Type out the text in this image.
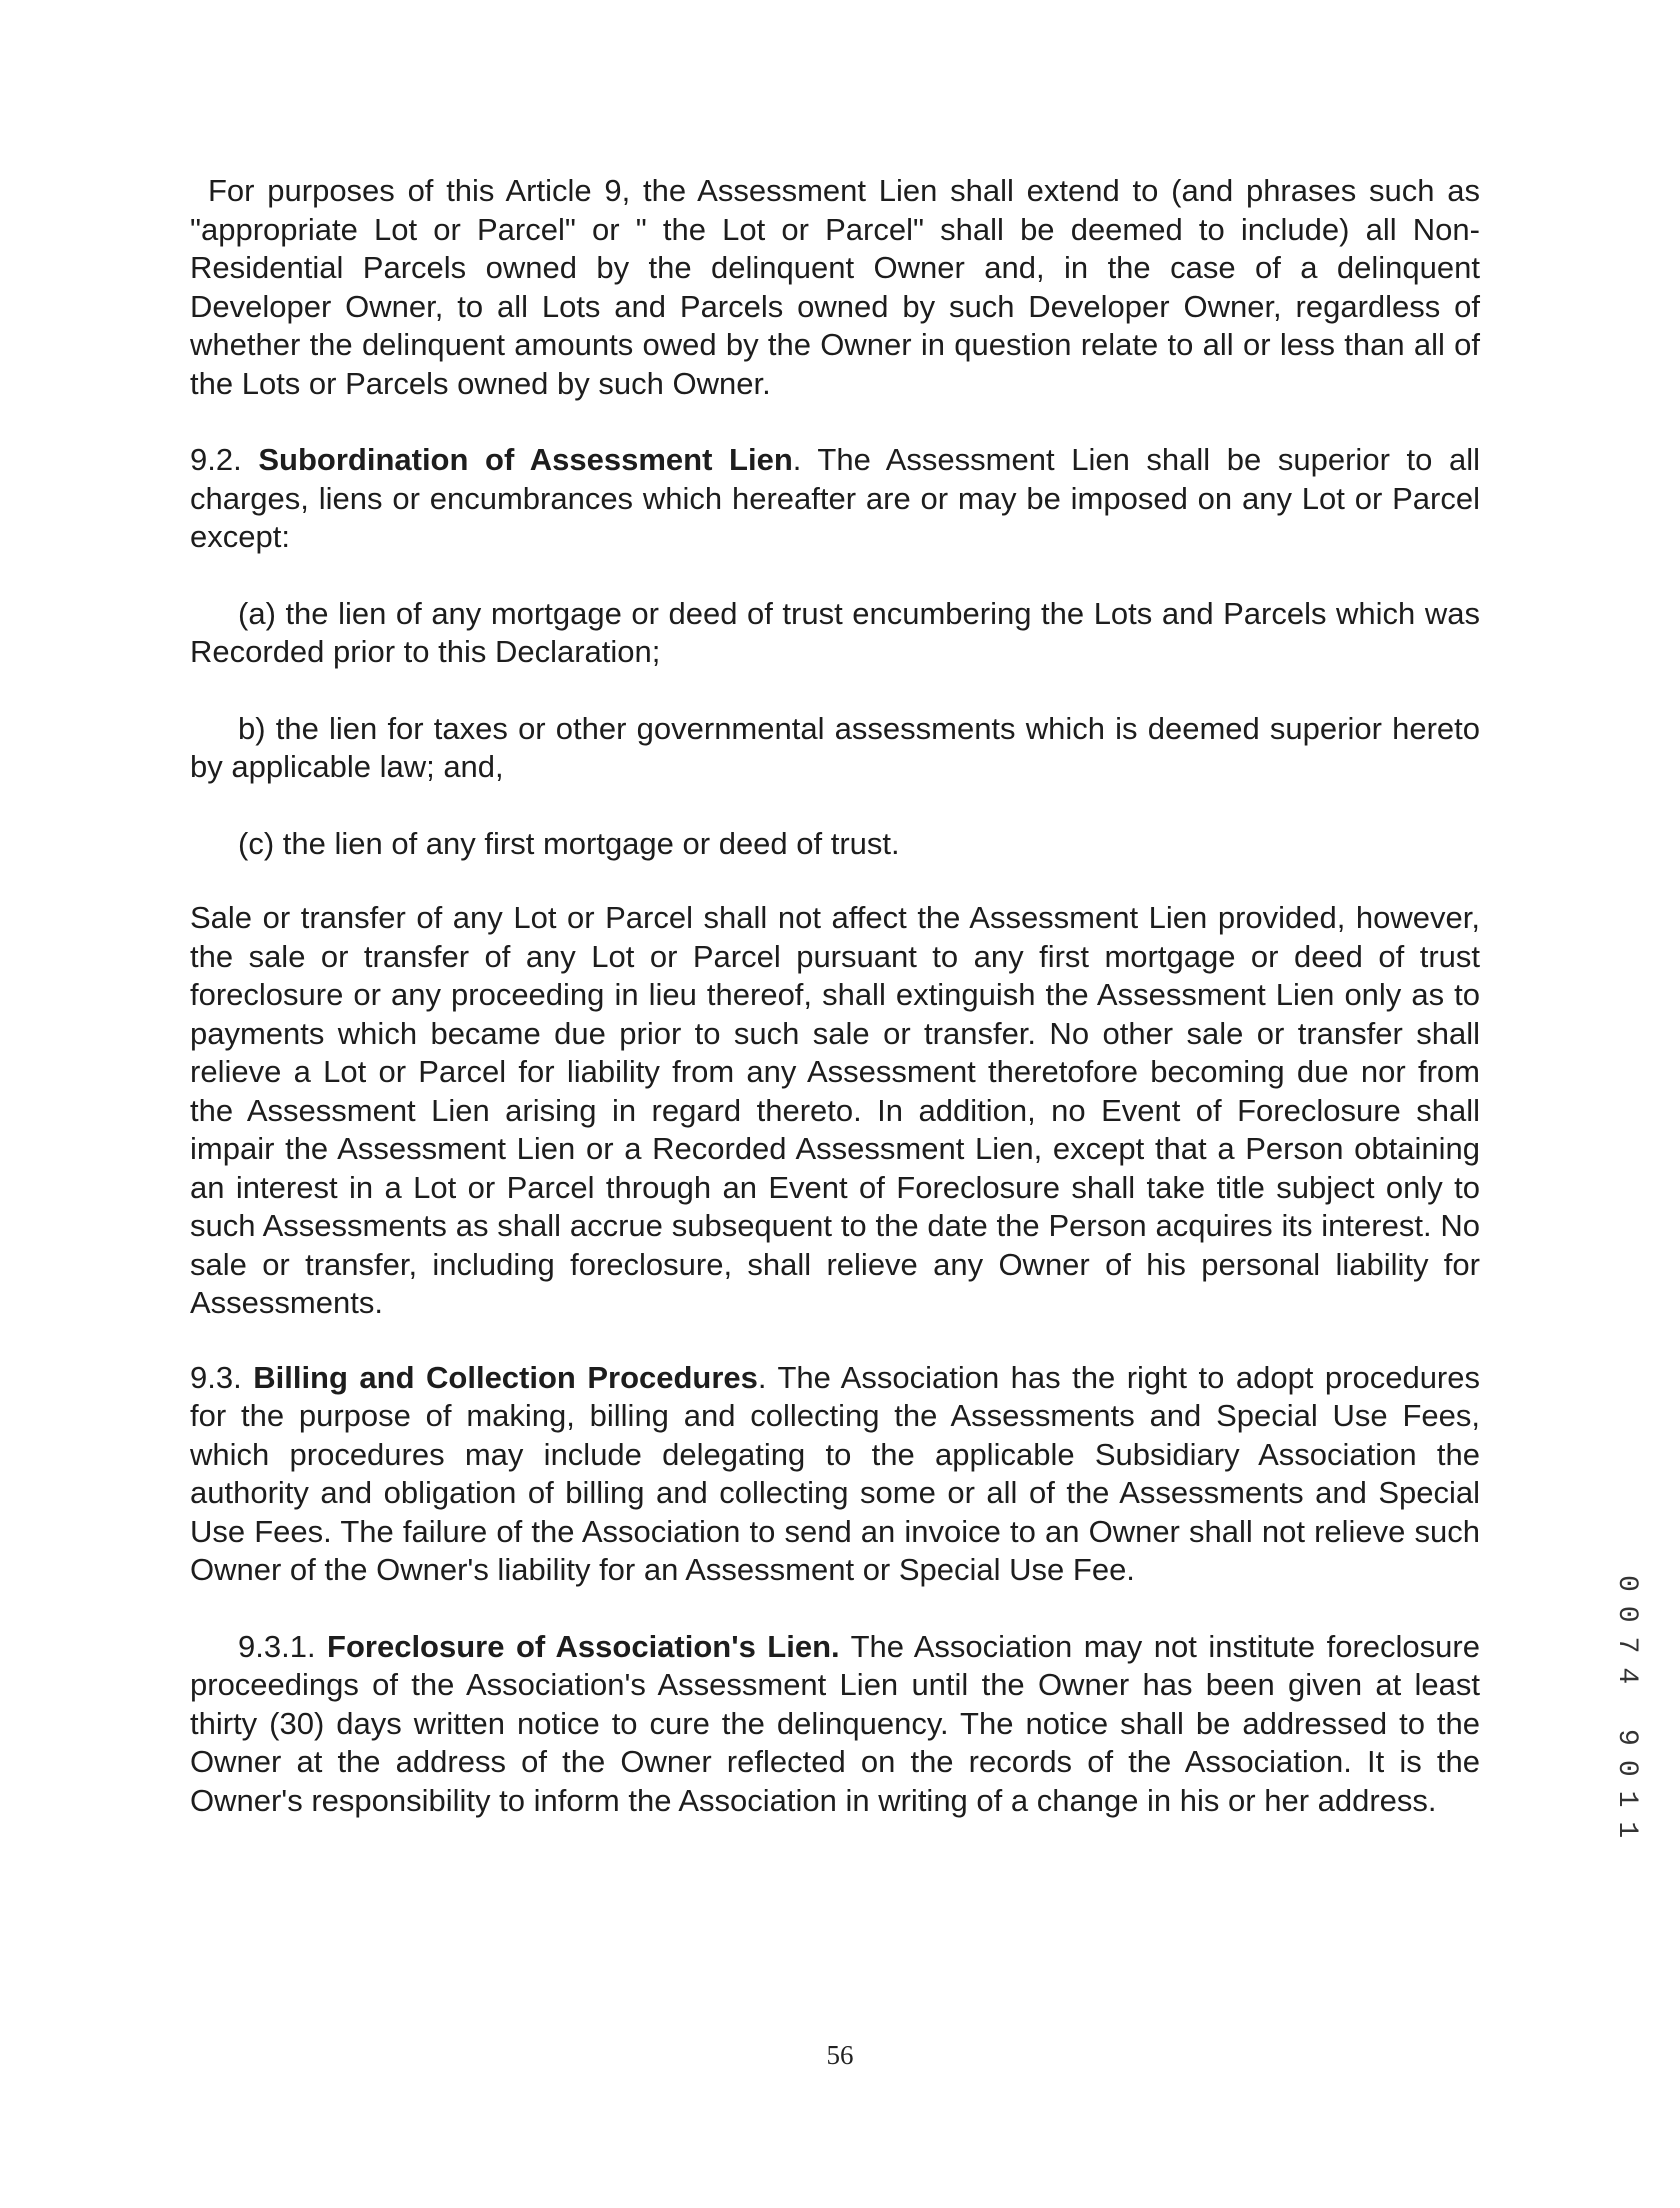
For purposes of this Article 9, the Assessment Lien shall extend to (and phrases such as "appropriate Lot or Parcel" or " the Lot or Parcel" shall be deemed to include) all Non-Residential Parcels owned by the delinquent Owner and, in the case of a delinquent Developer Owner, to all Lots and Parcels owned by such Developer Owner, regardless of whether the delinquent amounts owed by the Owner in question relate to all or less than all of the Lots or Parcels owned by such Owner.

9.2. Subordination of Assessment Lien. The Assessment Lien shall be superior to all charges, liens or encumbrances which hereafter are or may be imposed on any Lot or Parcel except:

(a) the lien of any mortgage or deed of trust encumbering the Lots and Parcels which was Recorded prior to this Declaration;

b) the lien for taxes or other governmental assessments which is deemed superior hereto by applicable law; and,

(c) the lien of any first mortgage or deed of trust.

Sale or transfer of any Lot or Parcel shall not affect the Assessment Lien provided, however, the sale or transfer of any Lot or Parcel pursuant to any first mortgage or deed of trust foreclosure or any proceeding in lieu thereof, shall extinguish the Assessment Lien only as to payments which became due prior to such sale or transfer. No other sale or transfer shall relieve a Lot or Parcel for liability from any Assessment theretofore becoming due nor from the Assessment Lien arising in regard thereto. In addition, no Event of Foreclosure shall impair the Assessment Lien or a Recorded Assessment Lien, except that a Person obtaining an interest in a Lot or Parcel through an Event of Foreclosure shall take title subject only to such Assessments as shall accrue subsequent to the date the Person acquires its interest. No sale or transfer, including foreclosure, shall relieve any Owner of his personal liability for Assessments.

9.3. Billing and Collection Procedures. The Association has the right to adopt procedures for the purpose of making, billing and collecting the Assessments and Special Use Fees, which procedures may include delegating to the applicable Subsidiary Association the authority and obligation of billing and collecting some or all of the Assessments and Special Use Fees. The failure of the Association to send an invoice to an Owner shall not relieve such Owner of the Owner's liability for an Assessment or Special Use Fee.

9.3.1. Foreclosure of Association's Lien. The Association may not institute foreclosure proceedings of the Association's Assessment Lien until the Owner has been given at least thirty (30) days written notice to cure the delinquency. The notice shall be addressed to the Owner at the address of the Owner reflected on the records of the Association. It is the Owner's responsibility to inform the Association in writing of a change in his or her address.	0074 9011
56
